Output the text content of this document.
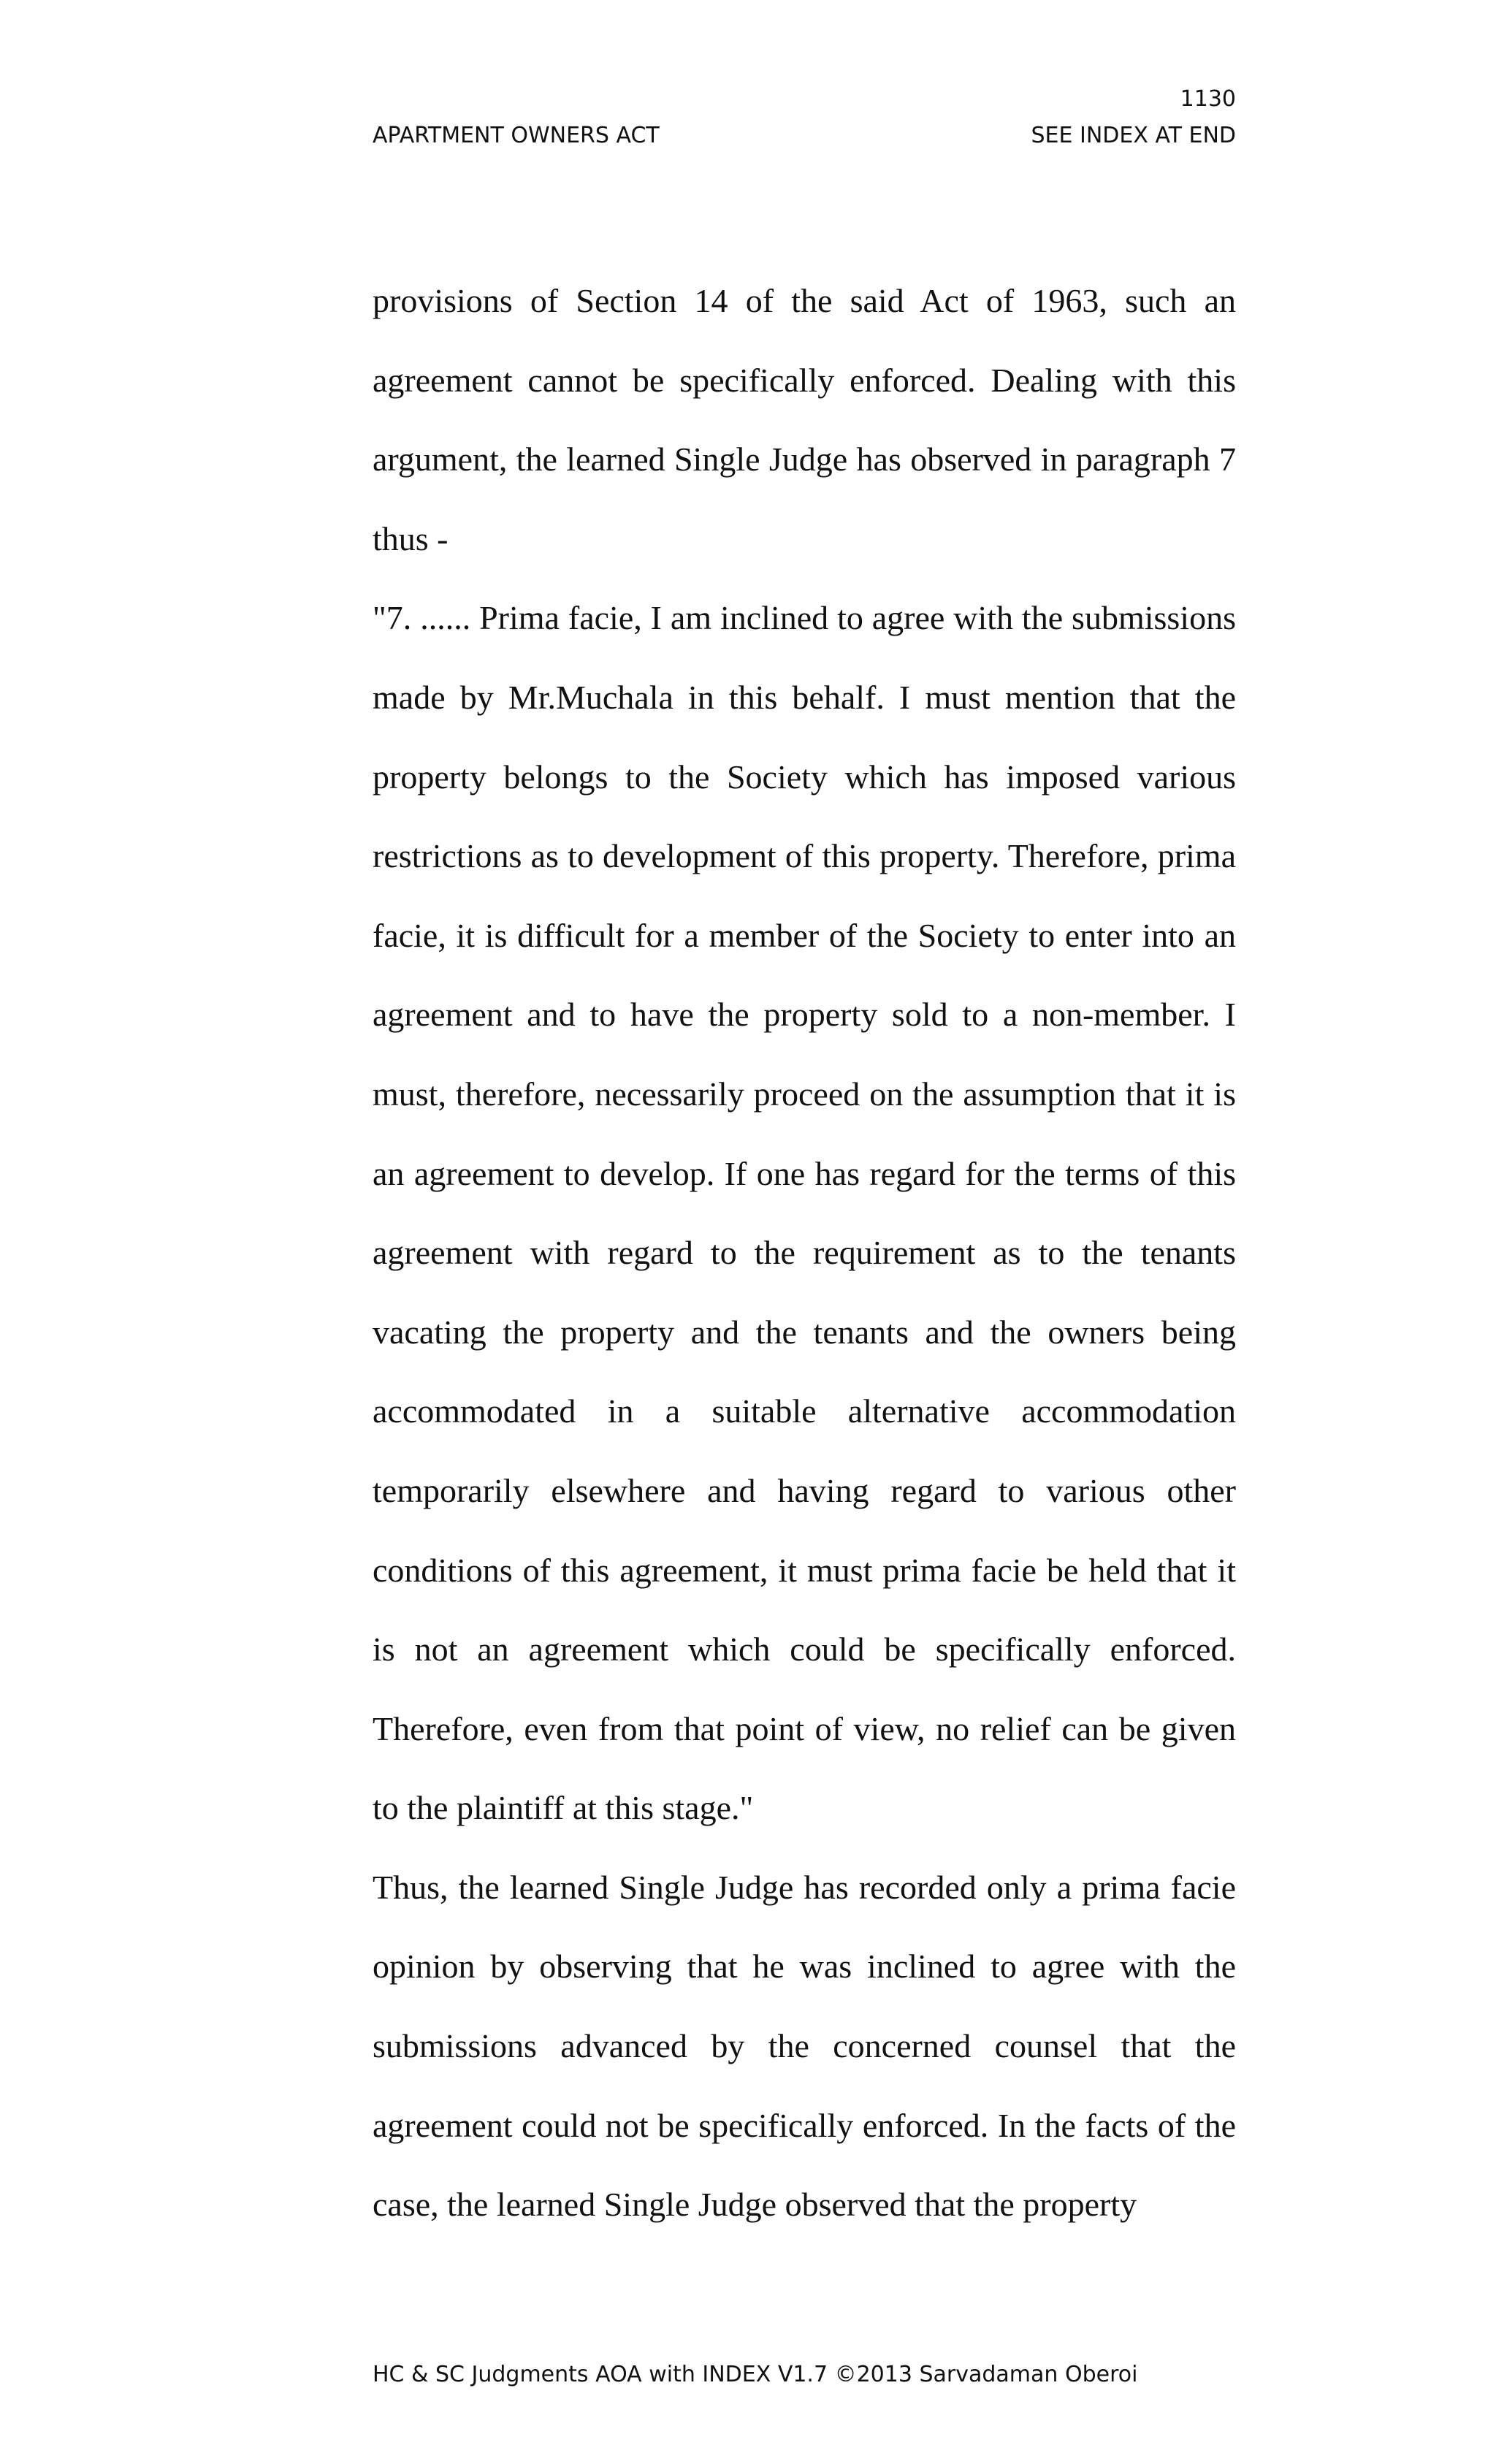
1130

APARTMENT OWNERS ACT	SEE INDEX AT END

provisions of Section 14 of the said Act of 1963, such an agreement cannot be specifically enforced. Dealing with this argument, the learned Single Judge has observed in paragraph 7 thus -

"7. ...... Prima facie, I am inclined to agree with the submissions made by Mr.Muchala in this behalf. I must mention that the property belongs to the Society which has imposed various restrictions as to development of this property. Therefore, prima facie, it is difficult for a member of the Society to enter into an agreement and to have the property sold to a non-member. I must, therefore, necessarily proceed on the assumption that it is an agreement to develop. If one has regard for the terms of this agreement with regard to the requirement as to the tenants vacating the property and the tenants and the owners being accommodated in a suitable alternative accommodation temporarily elsewhere and having regard to various other conditions of this agreement, it must prima facie be held that it is not an agreement which could be specifically enforced. Therefore, even from that point of view, no relief can be given to the plaintiff at this stage."

Thus, the learned Single Judge has recorded only a prima facie opinion by observing that he was inclined to agree with the submissions advanced by the concerned counsel that the agreement could not be specifically enforced. In the facts of the case, the learned Single Judge observed that the property

HC & SC Judgments AOA with INDEX V1.7 ©2013 Sarvadaman Oberoi
